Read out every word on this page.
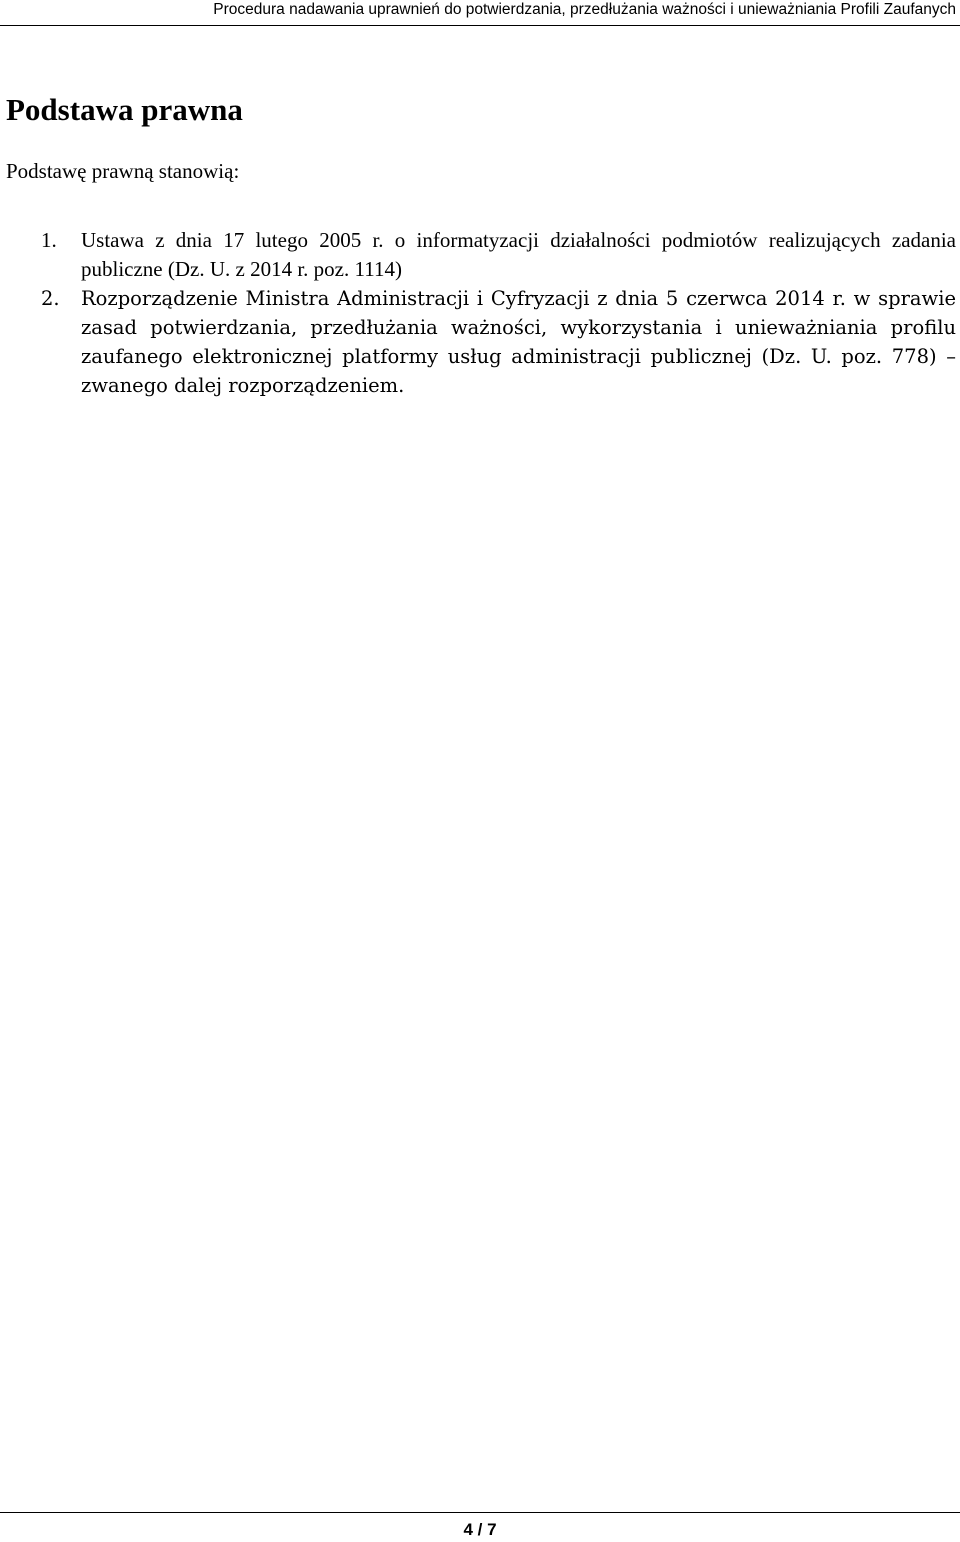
Procedura nadawania uprawnień do potwierdzania, przedłużania ważności i unieważniania Profili Zaufanych
Podstawa prawna

Podstawę prawną stanowią:

1. Ustawa z dnia 17 lutego 2005 r. o informatyzacji działalności podmiotów realizujących zadania publiczne (Dz. U. z 2014 r. poz. 1114)
2. Rozporządzenie Ministra Administracji i Cyfryzacji z dnia 5 czerwca 2014 r. w sprawie zasad potwierdzania, przedłużania ważności, wykorzystania i unieważniania profilu zaufanego elektronicznej platformy usług administracji publicznej (Dz. U. poz. 778) – zwanego dalej rozporządzeniem.
4 / 7
